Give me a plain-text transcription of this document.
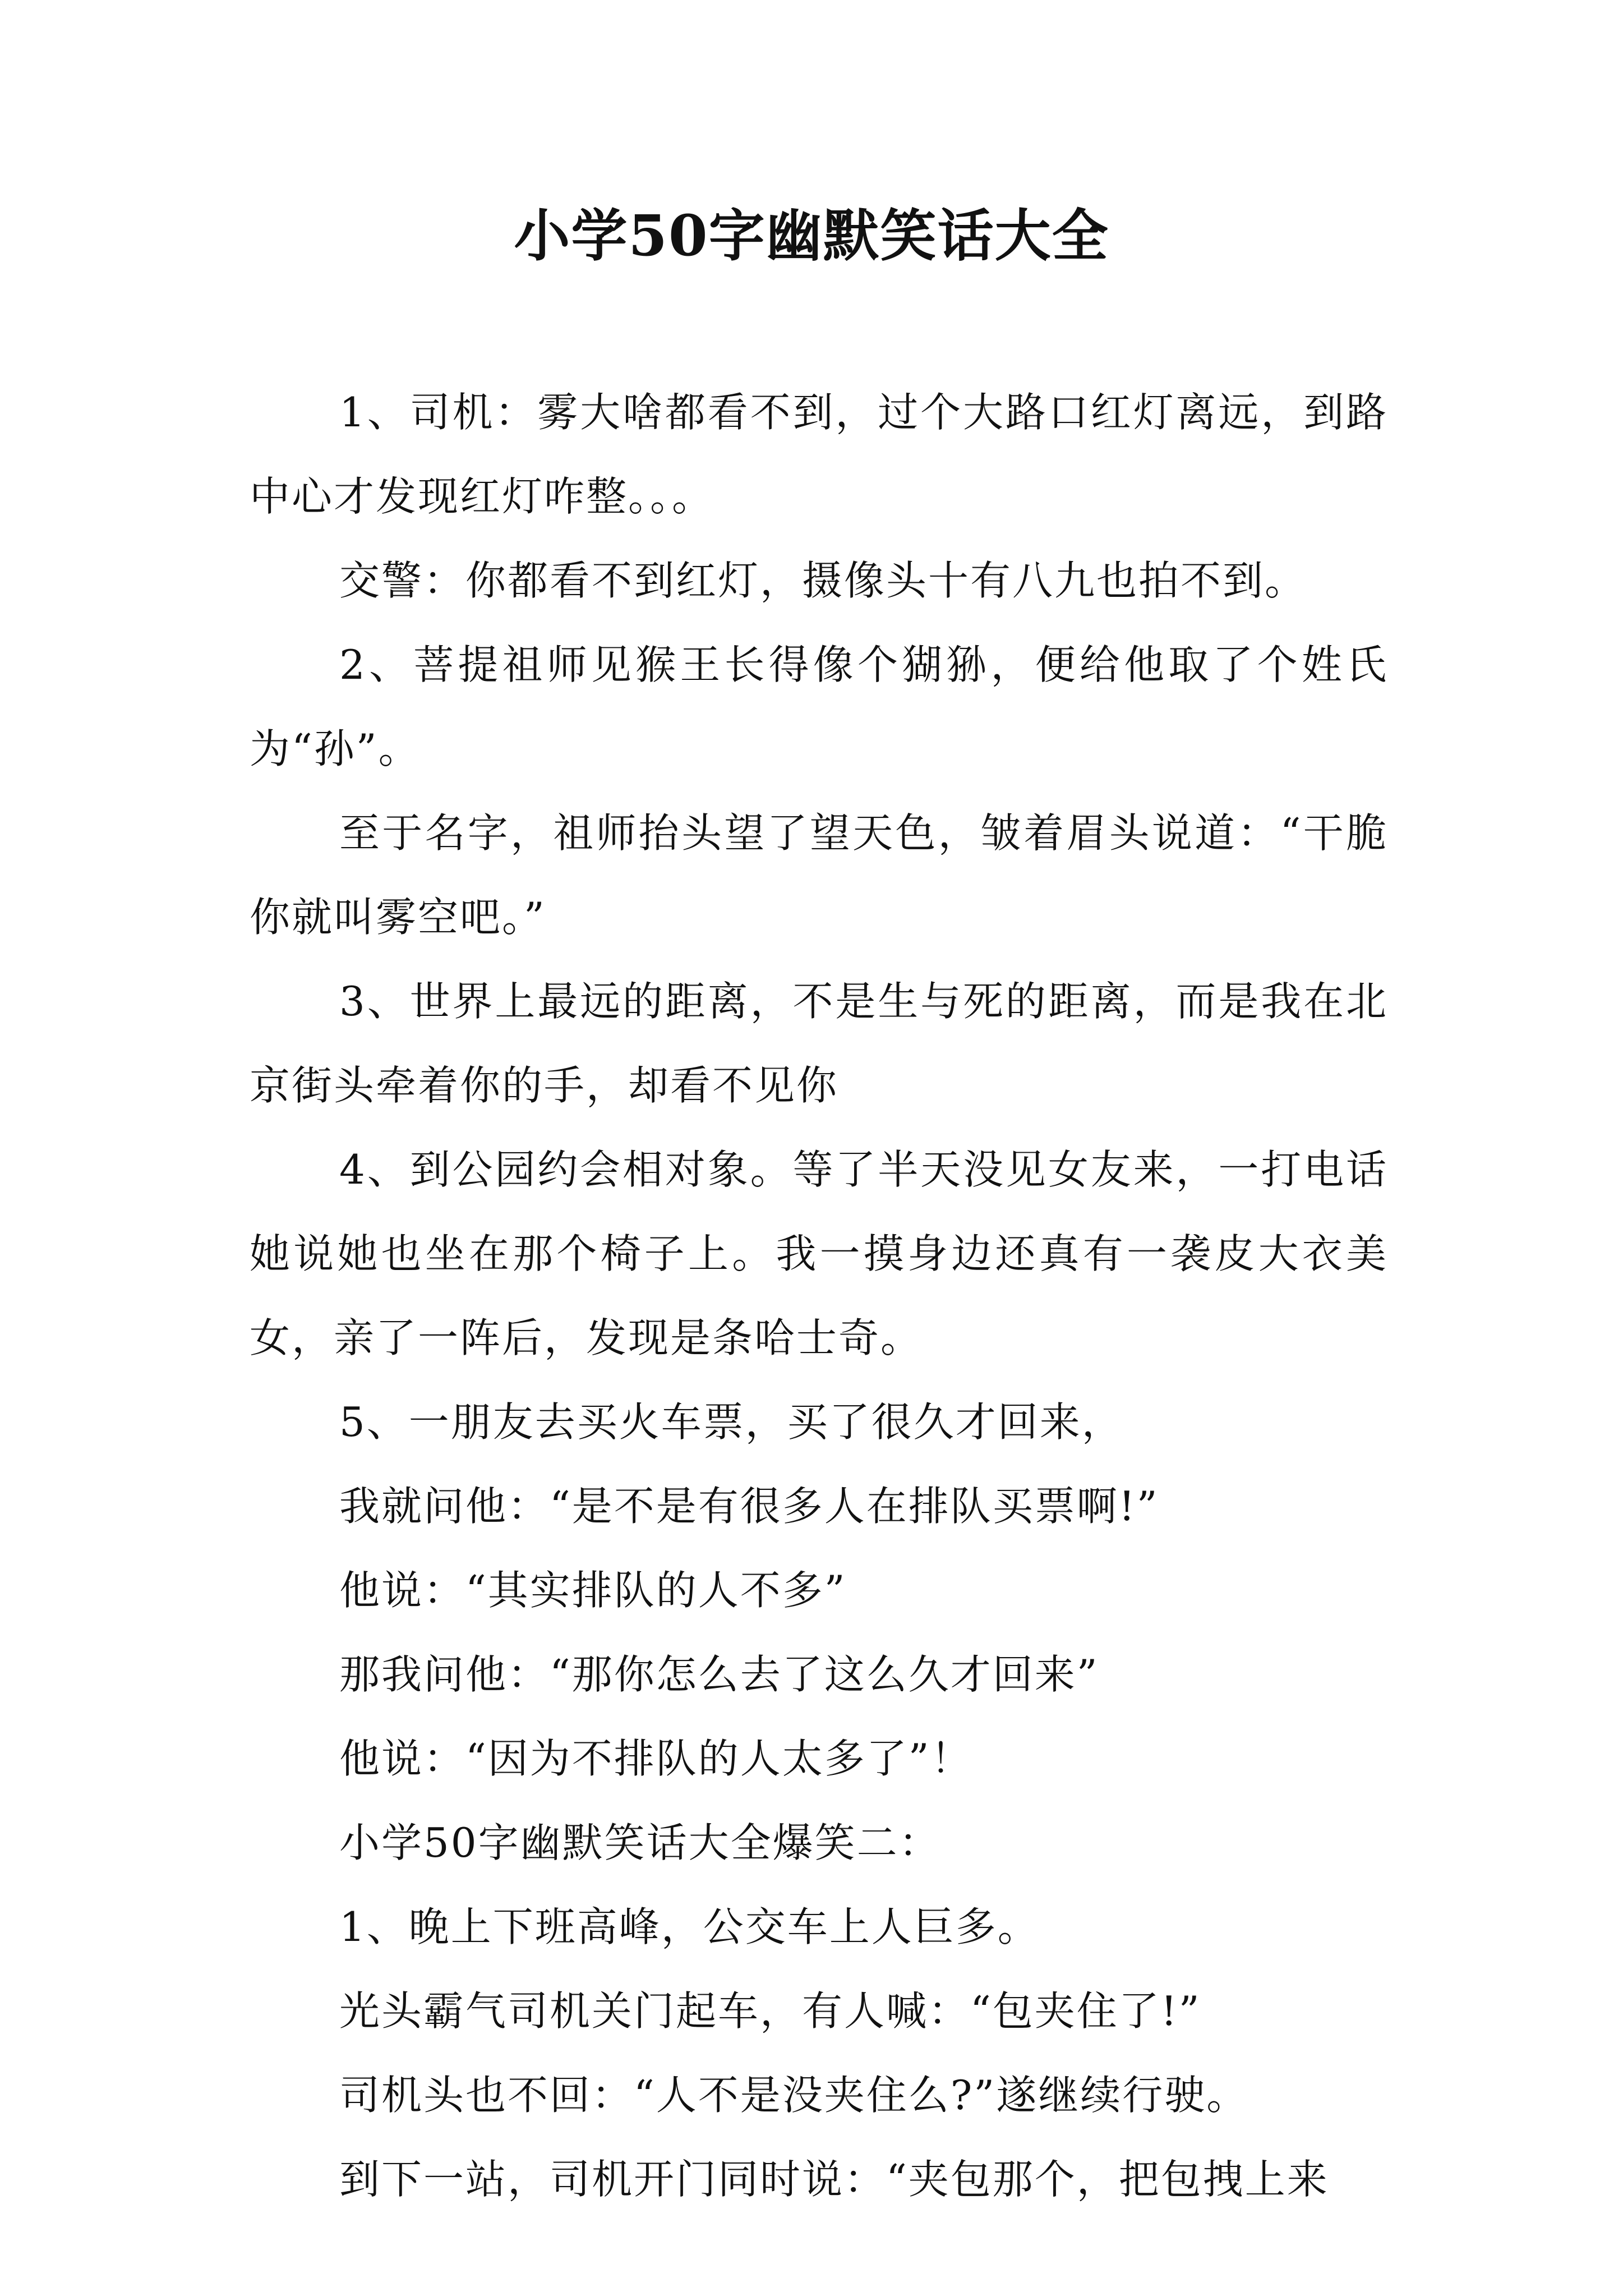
小学50字幽默笑话大全

1、司机：雾大啥都看不到，过个大路口红灯离远，到路中心才发现红灯咋整。。。

交警：你都看不到红灯，摄像头十有八九也拍不到。

2、菩提祖师见猴王长得像个猢狲，便给他取了个姓氏为“孙”。

至于名字，祖师抬头望了望天色，皱着眉头说道：“干脆你就叫雾空吧。”

3、世界上最远的距离，不是生与死的距离，而是我在北京街头牵着你的手，却看不见你

4、到公园约会相对象。等了半天没见女友来，一打电话她说她也坐在那个椅子上。我一摸身边还真有一袭皮大衣美女，亲了一阵后，发现是条哈士奇。

5、一朋友去买火车票，买了很久才回来，

我就问他：“是不是有很多人在排队买票啊!”

他说：“其实排队的人不多”

那我问他：“那你怎么去了这么久才回来”

他说：“因为不排队的人太多了”！

小学50字幽默笑话大全爆笑二：

1、晚上下班高峰，公交车上人巨多。

光头霸气司机关门起车，有人喊：“包夹住了!”

司机头也不回：“人不是没夹住么?”遂继续行驶。

到下一站，司机开门同时说：“夹包那个，把包拽上来
